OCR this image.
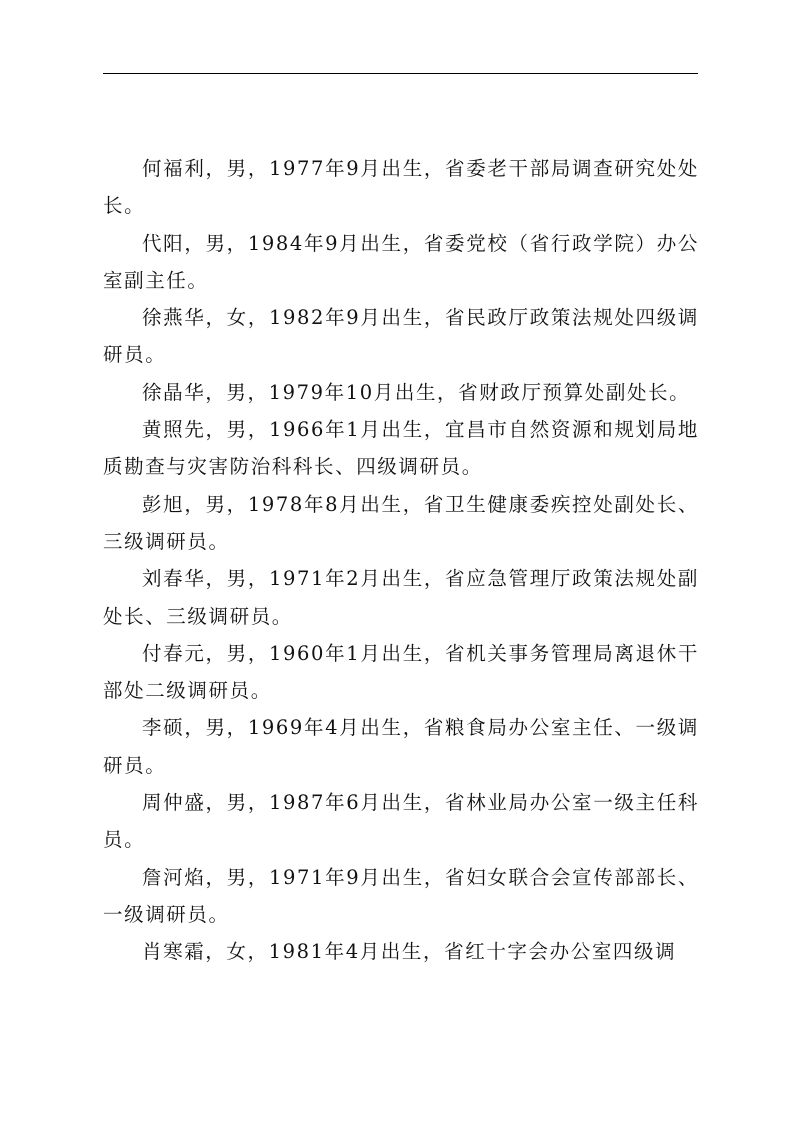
何福利，男，1977年9月出生，省委老干部局调查研究处处长。

代阳，男，1984年9月出生，省委党校（省行政学院）办公室副主任。

徐燕华，女，1982年9月出生，省民政厅政策法规处四级调研员。

徐晶华，男，1979年10月出生，省财政厅预算处副处长。

黄照先，男，1966年1月出生，宜昌市自然资源和规划局地质勘查与灾害防治科科长、四级调研员。

彭旭，男，1978年8月出生，省卫生健康委疾控处副处长、三级调研员。

刘春华，男，1971年2月出生，省应急管理厅政策法规处副处长、三级调研员。

付春元，男，1960年1月出生，省机关事务管理局离退休干部处二级调研员。

李硕，男，1969年4月出生，省粮食局办公室主任、一级调研员。

周仲盛，男，1987年6月出生，省林业局办公室一级主任科员。

詹河焰，男，1971年9月出生，省妇女联合会宣传部部长、一级调研员。

肖寒霜，女，1981年4月出生，省红十字会办公室四级调
